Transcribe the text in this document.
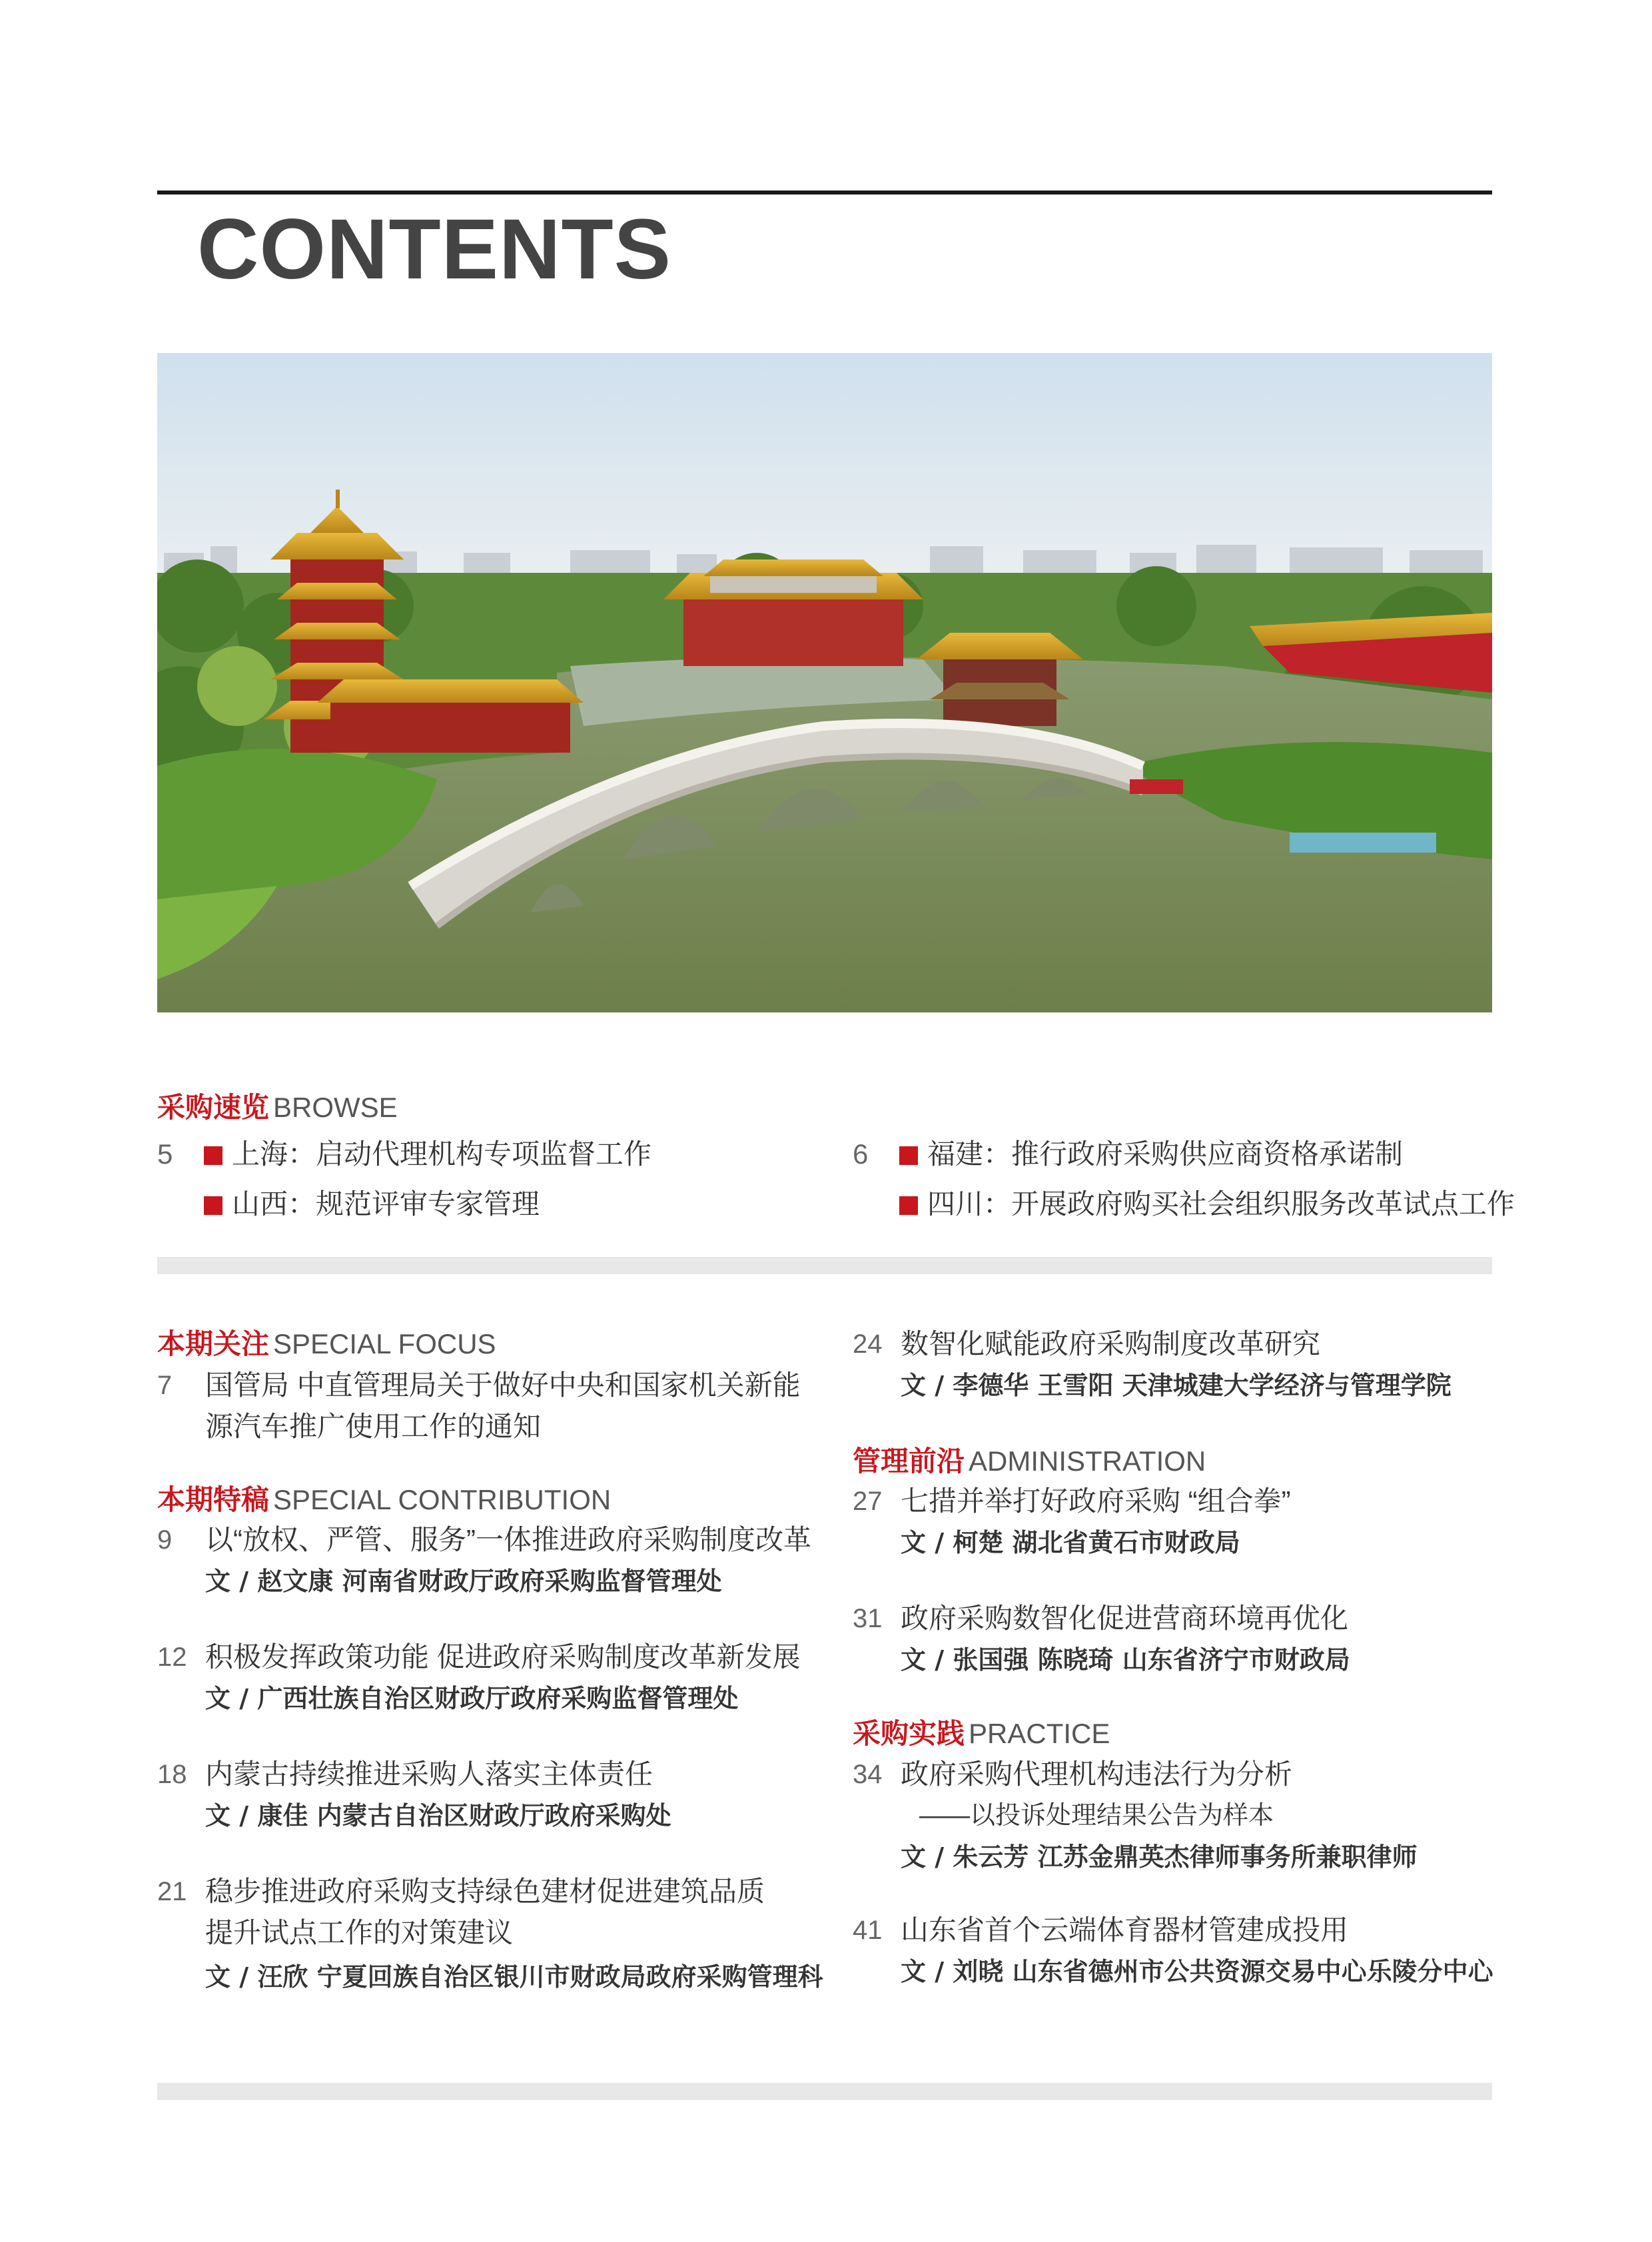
CONTENTS
采购速览 BROWSE
5 上海：启动代理机构专项监督工作
山西：规范评审专家管理
6 福建：推行政府采购供应商资格承诺制
四川：开展政府购买社会组织服务改革试点工作
本期关注 SPECIAL FOCUS
7 国管局 中直管理局关于做好中央和国家机关新能
源汽车推广使用工作的通知
本期特稿 SPECIAL CONTRIBUTION
9 以“放权、严管、服务”一体推进政府采购制度改革
文 / 赵文康 河南省财政厅政府采购监督管理处
12 积极发挥政策功能 促进政府采购制度改革新发展
文 / 广西壮族自治区财政厅政府采购监督管理处
18 内蒙古持续推进采购人落实主体责任
文 / 康佳 内蒙古自治区财政厅政府采购处
21 稳步推进政府采购支持绿色建材促进建筑品质
提升试点工作的对策建议
文 / 汪欣 宁夏回族自治区银川市财政局政府采购管理科
24 数智化赋能政府采购制度改革研究
文 / 李德华 王雪阳 天津城建大学经济与管理学院
管理前沿 ADMINISTRATION
27 七措并举打好政府采购 “组合拳”
文 / 柯楚 湖北省黄石市财政局
31 政府采购数智化促进营商环境再优化
文 / 张国强 陈晓琦 山东省济宁市财政局
采购实践 PRACTICE
34 政府采购代理机构违法行为分析
——以投诉处理结果公告为样本
文 / 朱云芳 江苏金鼎英杰律师事务所兼职律师
41 山东省首个云端体育器材管建成投用
文 / 刘晓 山东省德州市公共资源交易中心乐陵分中心
